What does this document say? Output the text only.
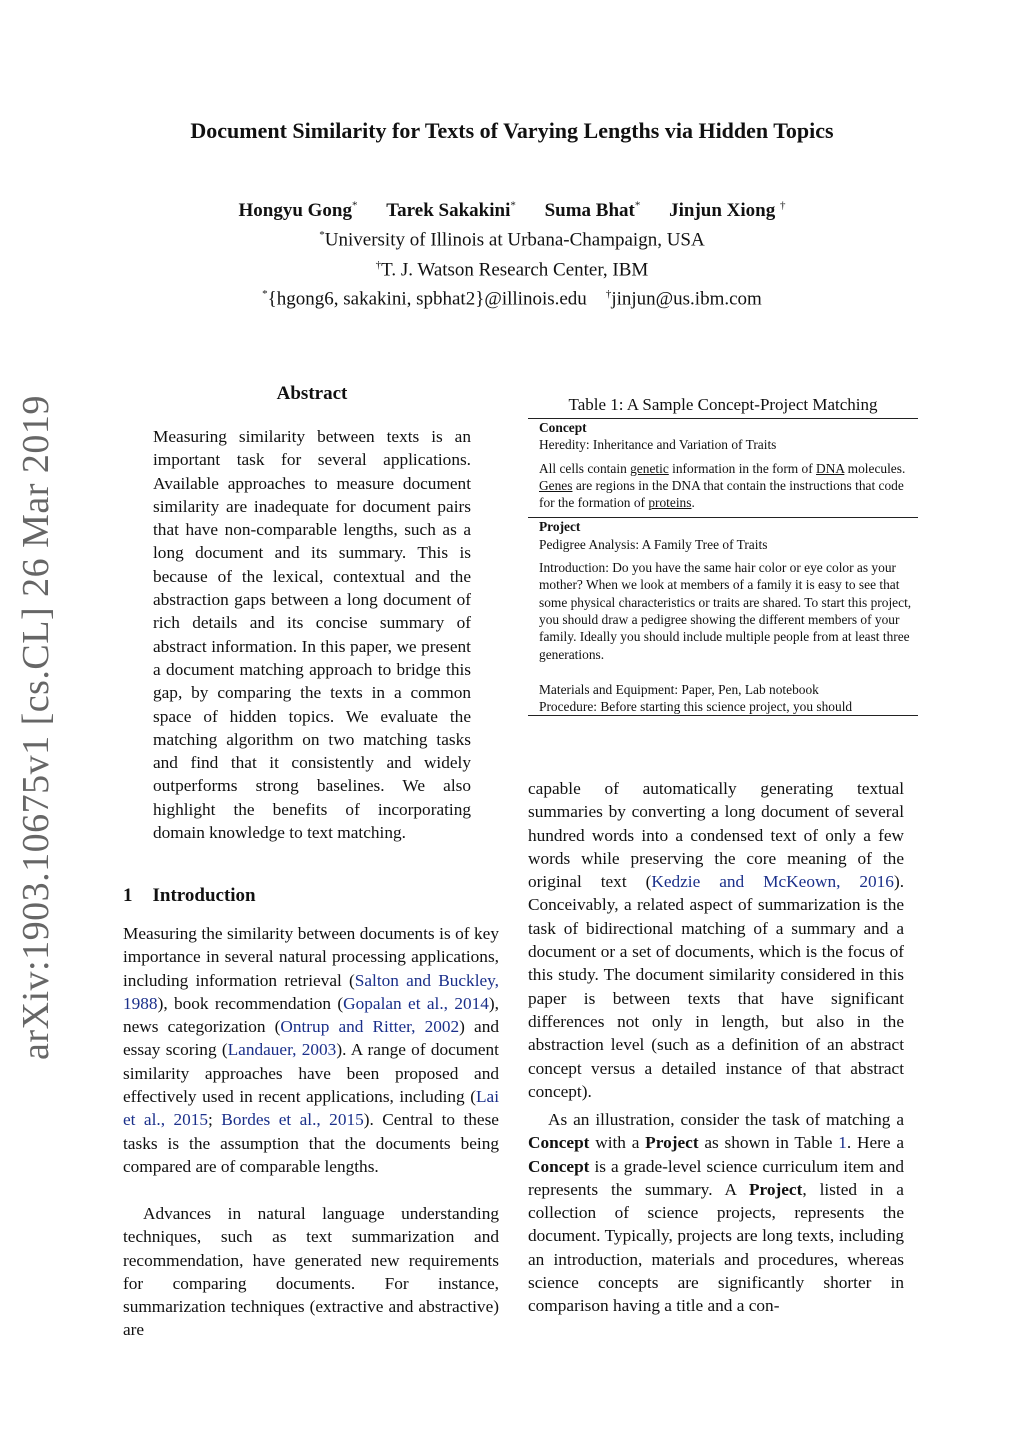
Document Similarity for Texts of Varying Lengths via Hidden Topics
Hongyu Gong* Tarek Sakakini* Suma Bhat* Jinjun Xiong †
*University of Illinois at Urbana-Champaign, USA
†T. J. Watson Research Center, IBM
*{hgong6, sakakini, spbhat2}@illinois.edu †jinjun@us.ibm.com
arXiv:1903.10675v1 [cs.CL] 26 Mar 2019
Abstract
Measuring similarity between texts is an important task for several applications. Available approaches to measure document similarity are inadequate for document pairs that have non-comparable lengths, such as a long document and its summary. This is because of the lexical, contextual and the abstraction gaps between a long document of rich details and its concise summary of abstract information. In this paper, we present a document matching approach to bridge this gap, by comparing the texts in a common space of hidden topics. We evaluate the matching algorithm on two matching tasks and find that it consistently and widely outperforms strong baselines. We also highlight the benefits of incorporating domain knowledge to text matching.
1 Introduction
Measuring the similarity between documents is of key importance in several natural processing applications, including information retrieval (Salton and Buckley, 1988), book recommendation (Gopalan et al., 2014), news categorization (Ontrup and Ritter, 2002) and essay scoring (Landauer, 2003). A range of document similarity approaches have been proposed and effectively used in recent applications, including (Lai et al., 2015; Bordes et al., 2015). Central to these tasks is the assumption that the documents being compared are of comparable lengths.
Advances in natural language understanding techniques, such as text summarization and recommendation, have generated new requirements for comparing documents. For instance, summarization techniques (extractive and abstractive) are
Table 1: A Sample Concept-Project Matching
Concept
Heredity: Inheritance and Variation of Traits
All cells contain genetic information in the form of DNA molecules. Genes are regions in the DNA that contain the instructions that code for the formation of proteins.
Project
Pedigree Analysis: A Family Tree of Traits
Introduction: Do you have the same hair color or eye color as your mother? When we look at members of a family it is easy to see that some physical characteristics or traits are shared. To start this project, you should draw a pedigree showing the different members of your family. Ideally you should include multiple people from at least three generations.
Materials and Equipment: Paper, Pen, Lab notebook
Procedure: Before starting this science project, you should
capable of automatically generating textual summaries by converting a long document of several hundred words into a condensed text of only a few words while preserving the core meaning of the original text (Kedzie and McKeown, 2016). Conceivably, a related aspect of summarization is the task of bidirectional matching of a summary and a document or a set of documents, which is the focus of this study. The document similarity considered in this paper is between texts that have significant differences not only in length, but also in the abstraction level (such as a definition of an abstract concept versus a detailed instance of that abstract concept).
As an illustration, consider the task of matching a Concept with a Project as shown in Table 1. Here a Concept is a grade-level science curriculum item and represents the summary. A Project, listed in a collection of science projects, represents the document. Typically, projects are long texts, including an introduction, materials and procedures, whereas science concepts are significantly shorter in comparison having a title and a con-
